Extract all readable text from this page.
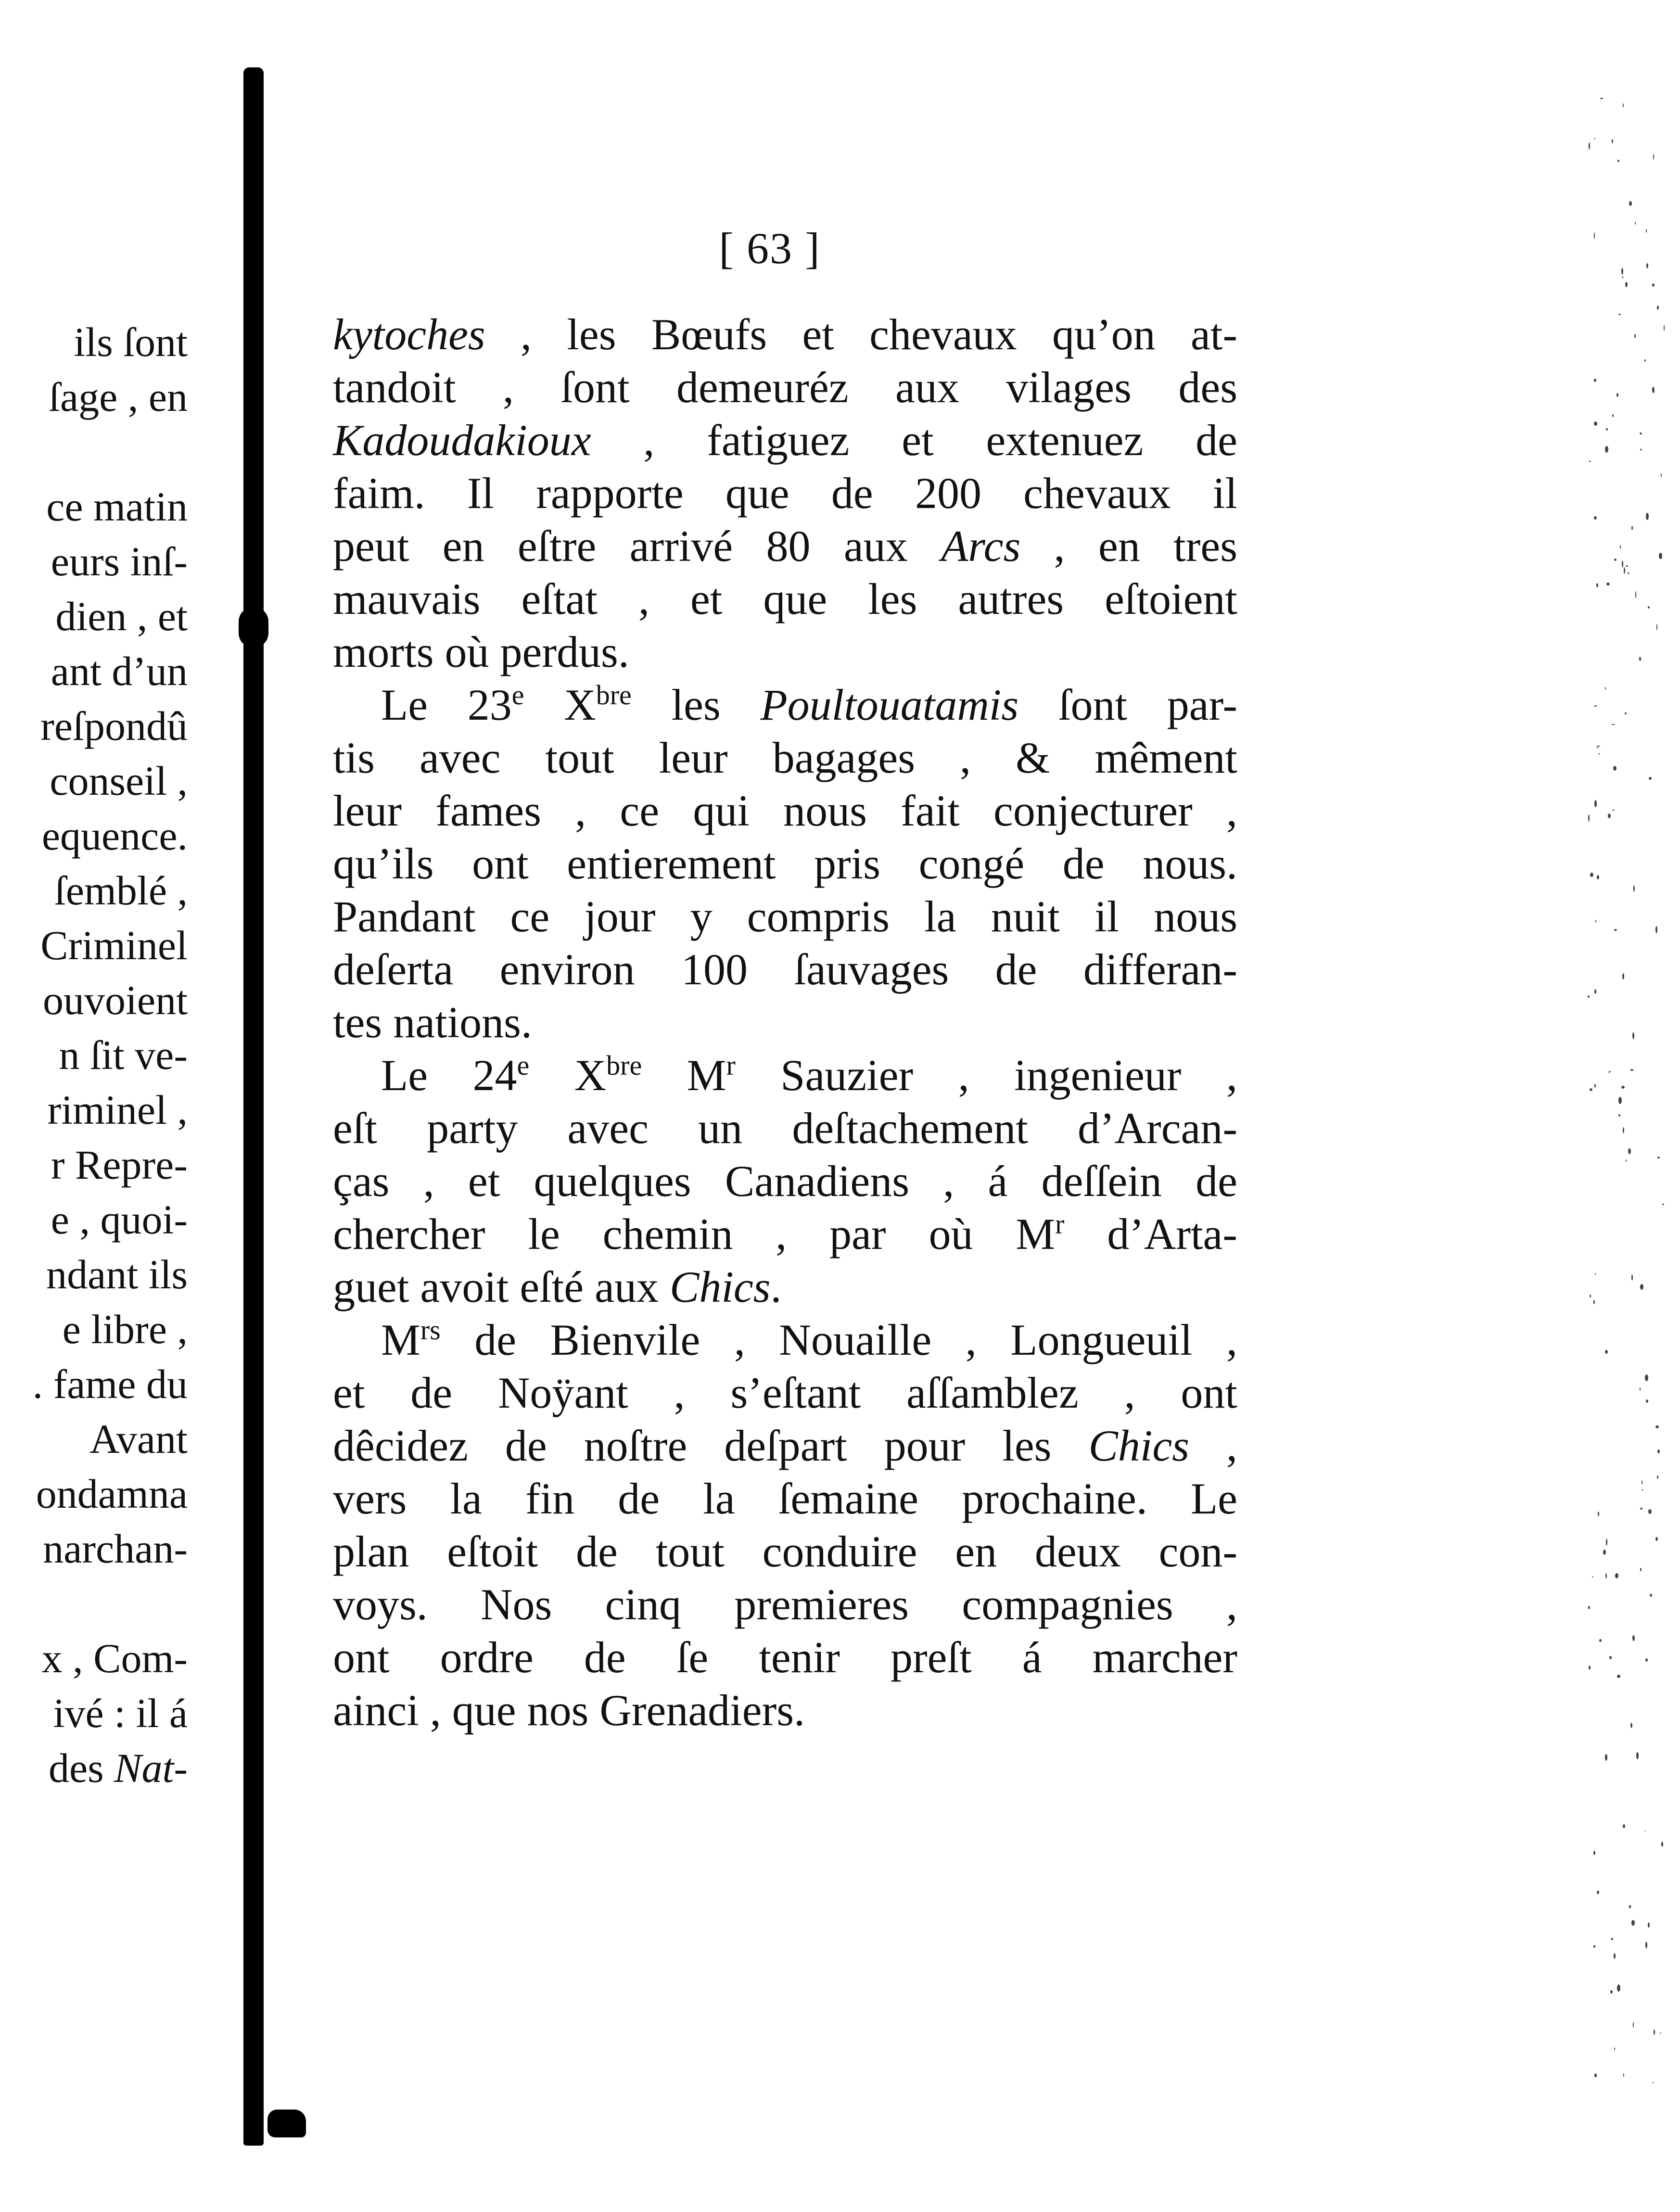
ils ſont
ſage , en
ce matin
eurs inſ-
dien , et
ant d’un
reſpondû
conseil ,
equence.
ſemblé ,
Criminel
ouvoient
n ſit ve-
riminel ,
r Repre-
e , quoi-
ndant ils
e libre ,
. fame du
Avant
ondamna
narchan-
x , Com-
ivé : il á
des Nat-
[ 63 ]
kytoches , les Bœufs et chevaux qu’on at-
tandoit , ſont demeuréz aux vilages des
Kadoudakioux , fatiguez et extenuez de
faim. Il rapporte que de 200 chevaux il
peut en eſtre arrivé 80 aux Arcs , en tres
mauvais eſtat , et que les autres eſtoient
morts où perdus.
Le 23e $X^{bre}$ les Poultouatamis ſont par-
tis avec tout leur bagages , & mêment
leur fames , ce qui nous fait conjecturer ,
qu’ils ont entierement pris congé de nous.
Pandant ce jour y compris la nuit il nous
deſerta environ 100 ſauvages de differan-
tes nations.
Le 24e $X^{bre}$ $M^r$ Sauzier , ingenieur ,
eſt party avec un deſtachement d’Arcan-
ças , et quelques Canadiens , á deſſein de
chercher le chemin , par où $M^r$ d’Arta-
guet avoit eſté aux Chics.
$M^{rs}$ de Bienvile , Nouaille , Longueuil ,
et de Noÿant , s’eſtant aſſamblez , ont
dêcidez de noſtre deſpart pour les Chics ,
vers la fin de la ſemaine prochaine. Le
plan eſtoit de tout conduire en deux con-
voys. Nos cinq premieres compagnies ,
ont ordre de ſe tenir preſt á marcher
ainci , que nos Grenadiers.
